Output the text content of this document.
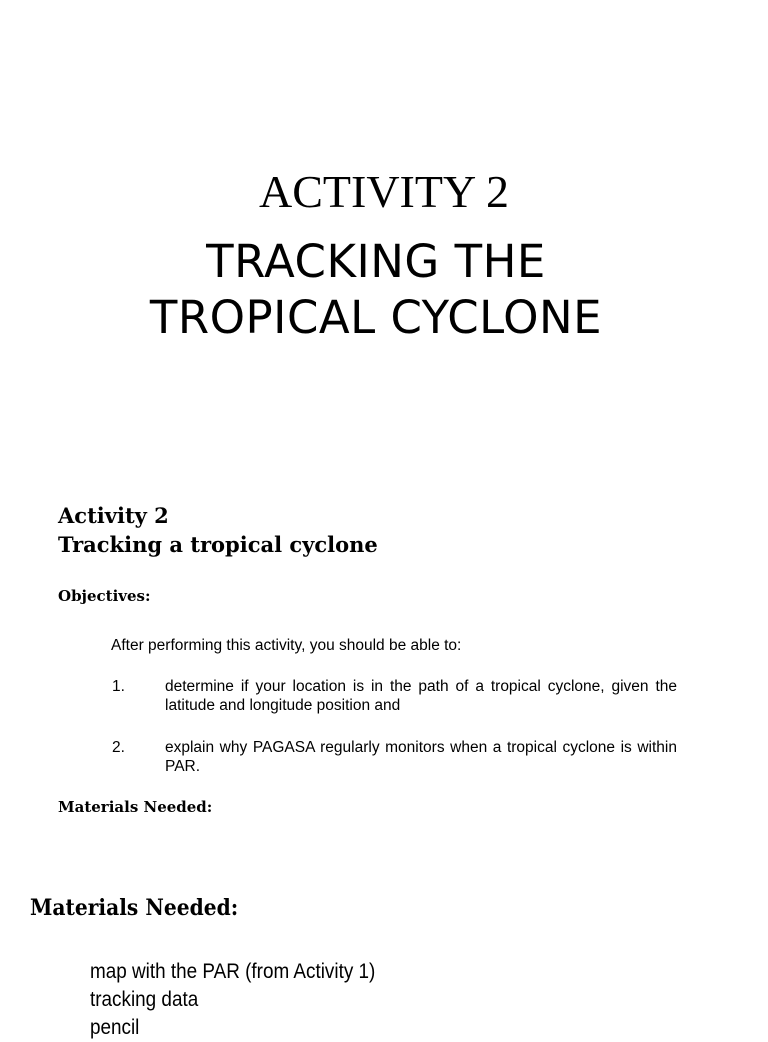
ACTIVITY 2
TRACKING THE
TROPICAL CYCLONE
Activity 2
Tracking a tropical cyclone
Objectives:
After performing this activity, you should be able to:
1.	determine if your location is in the path of a tropical cyclone, given the latitude and longitude position and
2.	explain why PAGASA regularly monitors when a tropical cyclone is within PAR.
Materials Needed:
Materials Needed:
map with the PAR (from Activity 1)
tracking data
pencil
